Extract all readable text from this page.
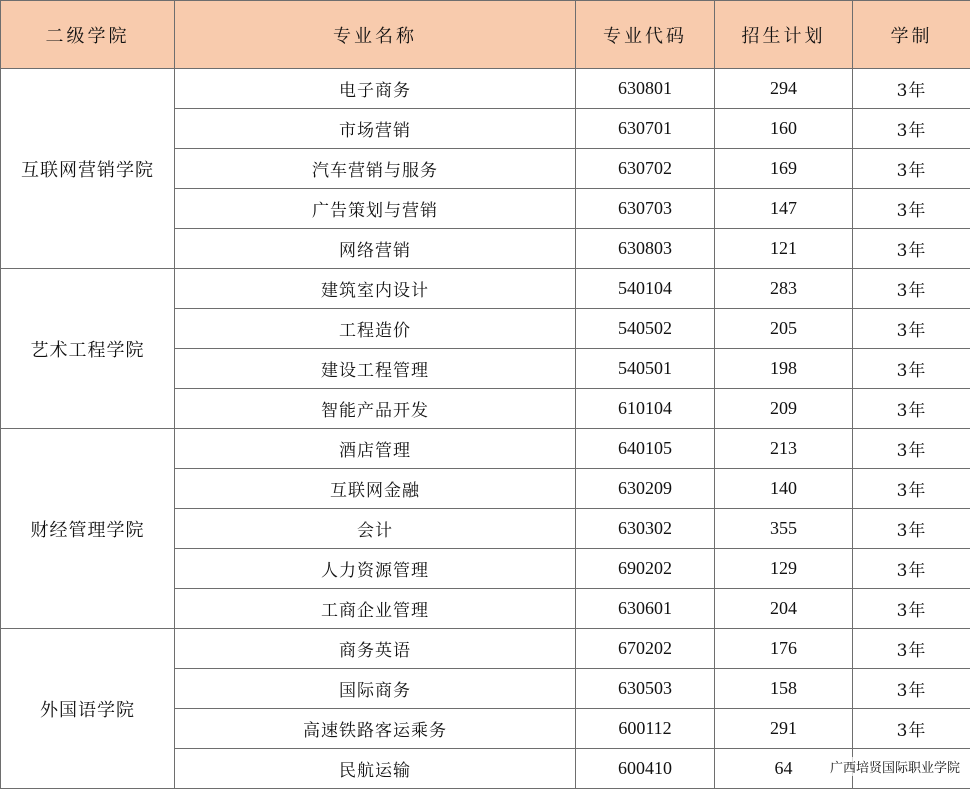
二级学院	专业名称	专业代码	招生计划	学制
互联网营销学院	电子商务	630801	294	3年
	市场营销	630701	160	3年
	汽车营销与服务	630702	169	3年
	广告策划与营销	630703	147	3年
	网络营销	630803	121	3年
艺术工程学院	建筑室内设计	540104	283	3年
	工程造价	540502	205	3年
	建设工程管理	540501	198	3年
	智能产品开发	610104	209	3年
财经管理学院	酒店管理	640105	213	3年
	互联网金融	630209	140	3年
	会计	630302	355	3年
	人力资源管理	690202	129	3年
	工商企业管理	630601	204	3年
外国语学院	商务英语	670202	176	3年
	国际商务	630503	158	3年
	高速铁路客运乘务	600112	291	3年
	民航运输	600410	64		广西培贤国际职业学院
